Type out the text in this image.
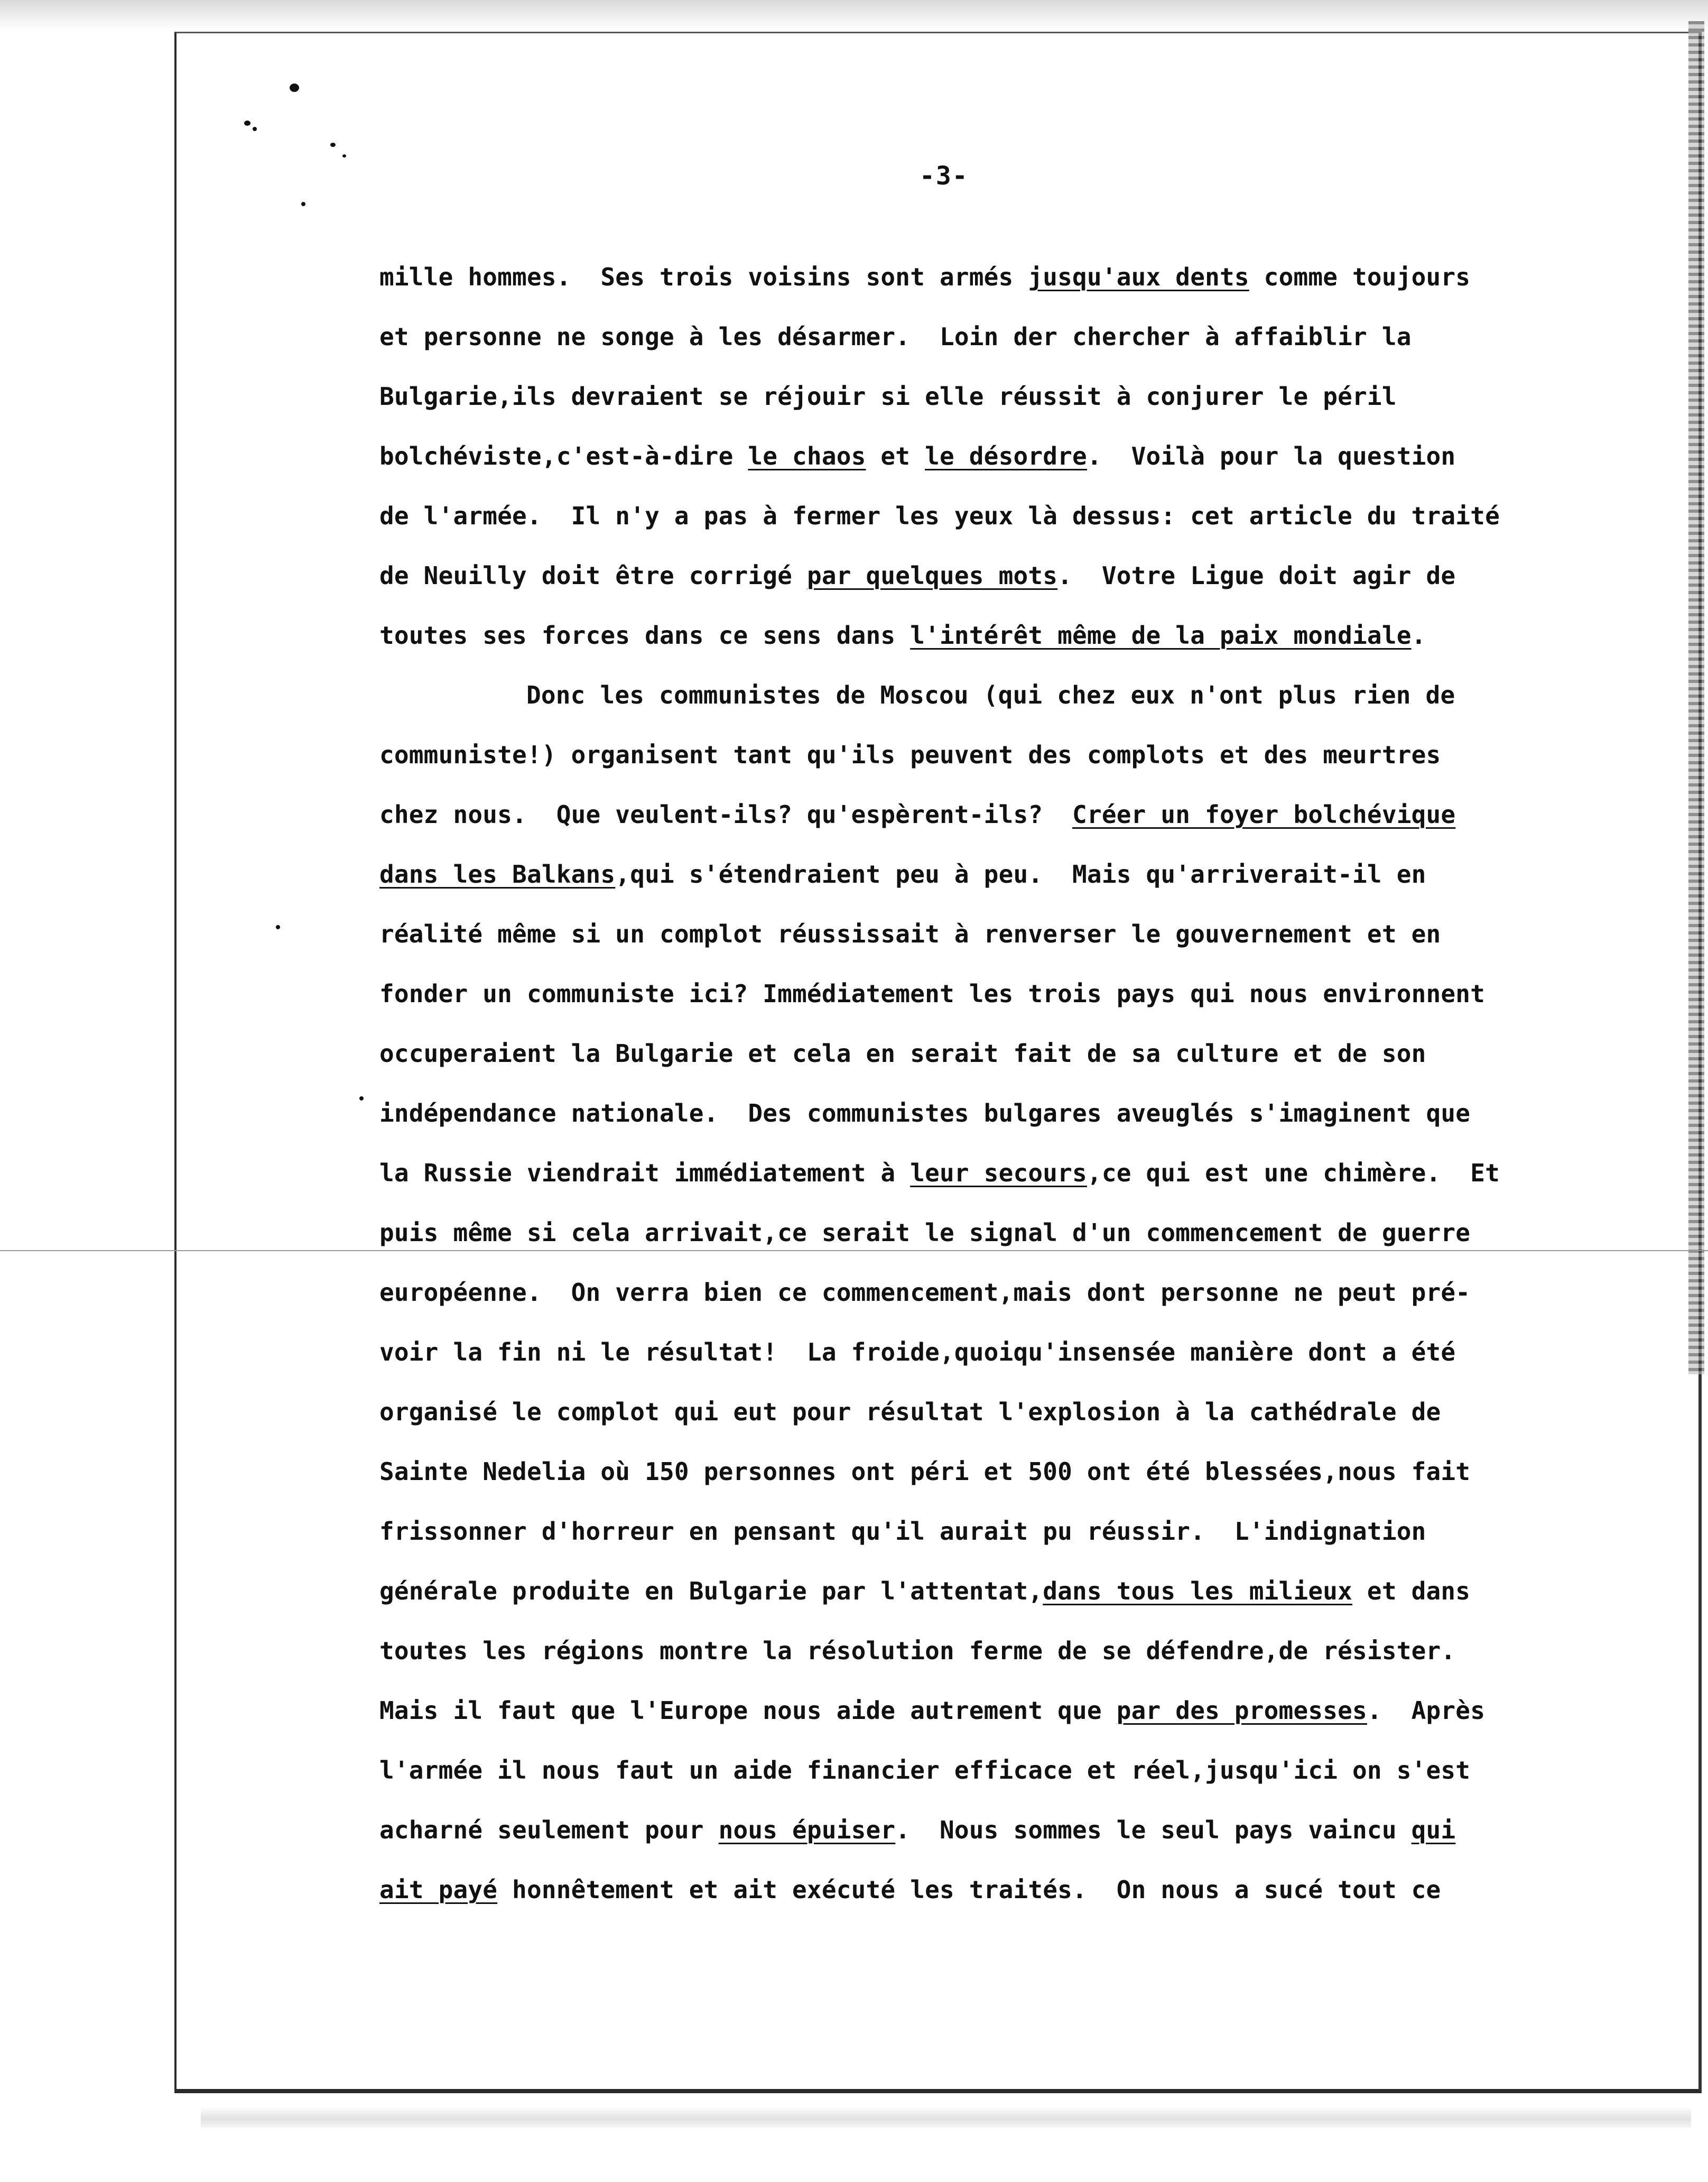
-3-
mille hommes.  Ses trois voisins sont armés jusqu'aux dents comme toujours
et personne ne songe à les désarmer.  Loin der chercher à affaiblir la
Bulgarie,ils devraient se réjouir si elle réussit à conjurer le péril
bolchéviste,c'est-à-dire le chaos et le désordre.  Voilà pour la question
de l'armée.  Il n'y a pas à fermer les yeux là dessus: cet article du traité
de Neuilly doit être corrigé par quelques mots.  Votre Ligue doit agir de
toutes ses forces dans ce sens dans l'intérêt même de la paix mondiale.
Donc les communistes de Moscou (qui chez eux n'ont plus rien de
communiste!) organisent tant qu'ils peuvent des complots et des meurtres
chez nous.  Que veulent-ils? qu'espèrent-ils?  Créer un foyer bolchévique
dans les Balkans,qui s'étendraient peu à peu.  Mais qu'arriverait-il en
réalité même si un complot réussissait à renverser le gouvernement et en
fonder un communiste ici? Immédiatement les trois pays qui nous environnent
occuperaient la Bulgarie et cela en serait fait de sa culture et de son
indépendance nationale.  Des communistes bulgares aveuglés s'imaginent que
la Russie viendrait immédiatement à leur secours,ce qui est une chimère.  Et
puis même si cela arrivait,ce serait le signal d'un commencement de guerre
européenne.  On verra bien ce commencement,mais dont personne ne peut pré-
voir la fin ni le résultat!  La froide,quoiqu'insensée manière dont a été
organisé le complot qui eut pour résultat l'explosion à la cathédrale de
Sainte Nedelia où 150 personnes ont péri et 500 ont été blessées,nous fait
frissonner d'horreur en pensant qu'il aurait pu réussir.  L'indignation
générale produite en Bulgarie par l'attentat,dans tous les milieux et dans
toutes les régions montre la résolution ferme de se défendre,de résister.
Mais il faut que l'Europe nous aide autrement que par des promesses.  Après
l'armée il nous faut un aide financier efficace et réel,jusqu'ici on s'est
acharné seulement pour nous épuiser.  Nous sommes le seul pays vaincu qui
ait payé honnêtement et ait exécuté les traités.  On nous a sucé tout ce
